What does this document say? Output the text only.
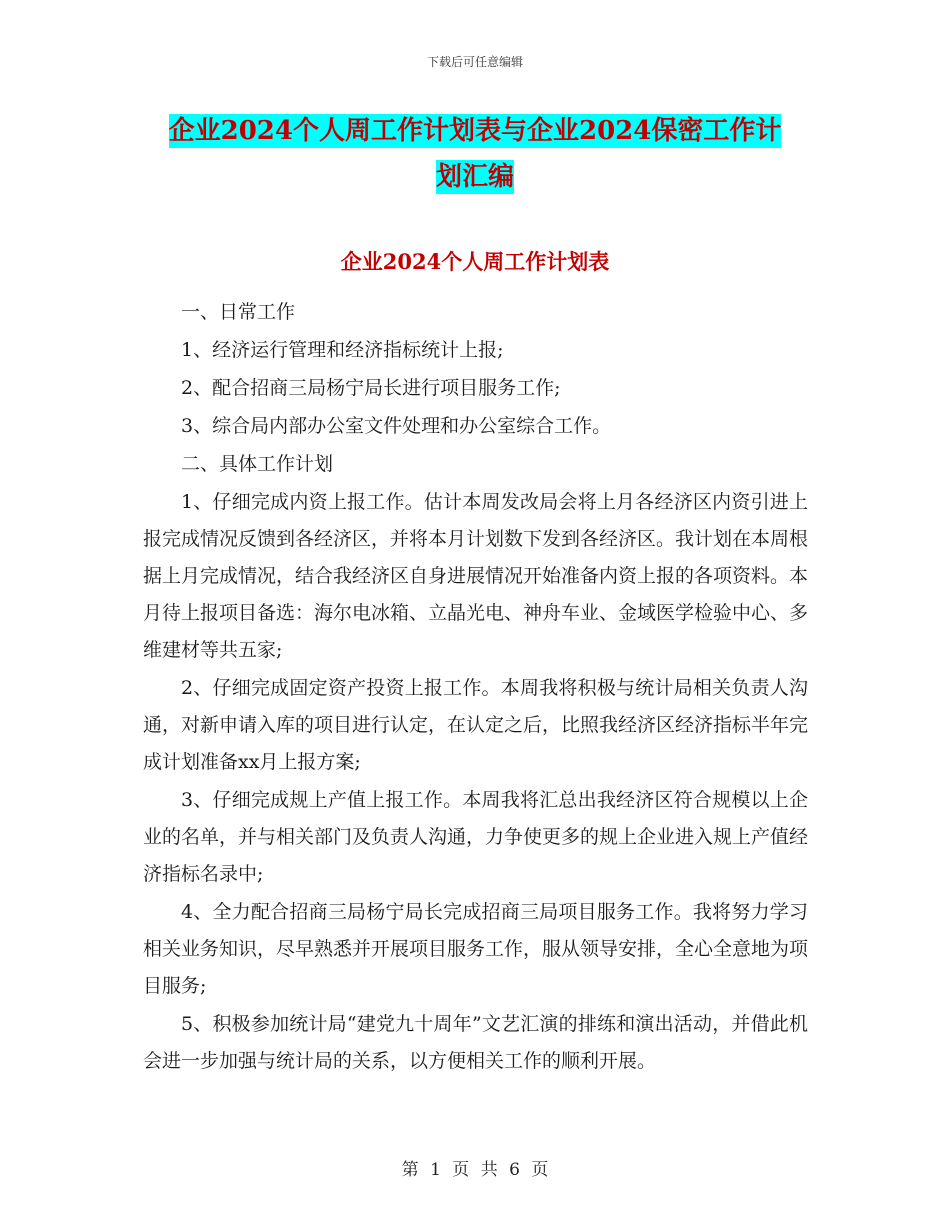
下载后可任意编辑
企业2024个人周工作计划表与企业2024保密工作计
划汇编
企业2024个人周工作计划表

一、日常工作

1、经济运行管理和经济指标统计上报;

2、配合招商三局杨宁局长进行项目服务工作;

3、综合局内部办公室文件处理和办公室综合工作。

二、具体工作计划

1、仔细完成内资上报工作。估计本周发改局会将上月各经济区内资引进上报完成情况反馈到各经济区，并将本月计划数下发到各经济区。我计划在本周根据上月完成情况，结合我经济区自身进展情况开始准备内资上报的各项资料。本月待上报项目备选：海尔电冰箱、立晶光电、神舟车业、金域医学检验中心、多维建材等共五家;

2、仔细完成固定资产投资上报工作。本周我将积极与统计局相关负责人沟通，对新申请入库的项目进行认定，在认定之后，比照我经济区经济指标半年完成计划准备xx月上报方案;

3、仔细完成规上产值上报工作。本周我将汇总出我经济区符合规模以上企业的名单，并与相关部门及负责人沟通，力争使更多的规上企业进入规上产值经济指标名录中;

4、全力配合招商三局杨宁局长完成招商三局项目服务工作。我将努力学习相关业务知识，尽早熟悉并开展项目服务工作，服从领导安排，全心全意地为项目服务;

5、积极参加统计局“建党九十周年”文艺汇演的排练和演出活动，并借此机会进一步加强与统计局的关系，以方便相关工作的顺利开展。

第 1 页 共 6 页
